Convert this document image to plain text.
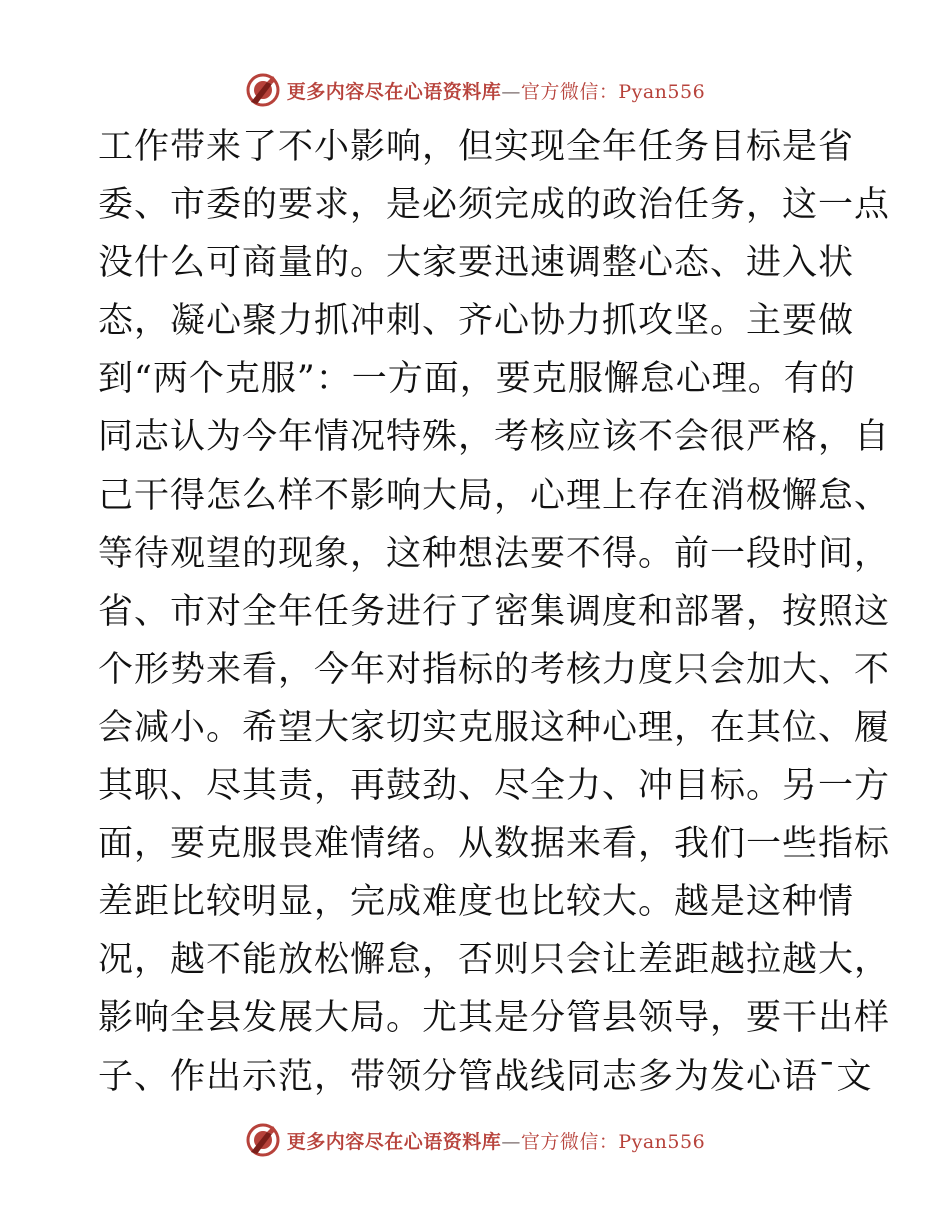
更多内容尽在心语资料库—官方微信：Pyan556
工作带来了不小影响，但实现全年任务目标是省
委、市委的要求，是必须完成的政治任务，这一点
没什么可商量的。大家要迅速调整心态、进入状
态，凝心聚力抓冲刺、齐心协力抓攻坚。主要做
到“两个克服”：一方面，要克服懈怠心理。有的
同志认为今年情况特殊，考核应该不会很严格，自
己干得怎么样不影响大局，心理上存在消极懈怠、
等待观望的现象，这种想法要不得。前一段时间，
省、市对全年任务进行了密集调度和部署，按照这
个形势来看，今年对指标的考核力度只会加大、不
会减小。希望大家切实克服这种心理，在其位、履
其职、尽其责，再鼓劲、尽全力、冲目标。另一方
面，要克服畏难情绪。从数据来看，我们一些指标
差距比较明显，完成难度也比较大。越是这种情
况，越不能放松懈怠，否则只会让差距越拉越大，
影响全县发展大局。尤其是分管县领导，要干出样
子、作出示范，带领分管战线同志多为发心语¯文
更多内容尽在心语资料库—官方微信：Pyan556
